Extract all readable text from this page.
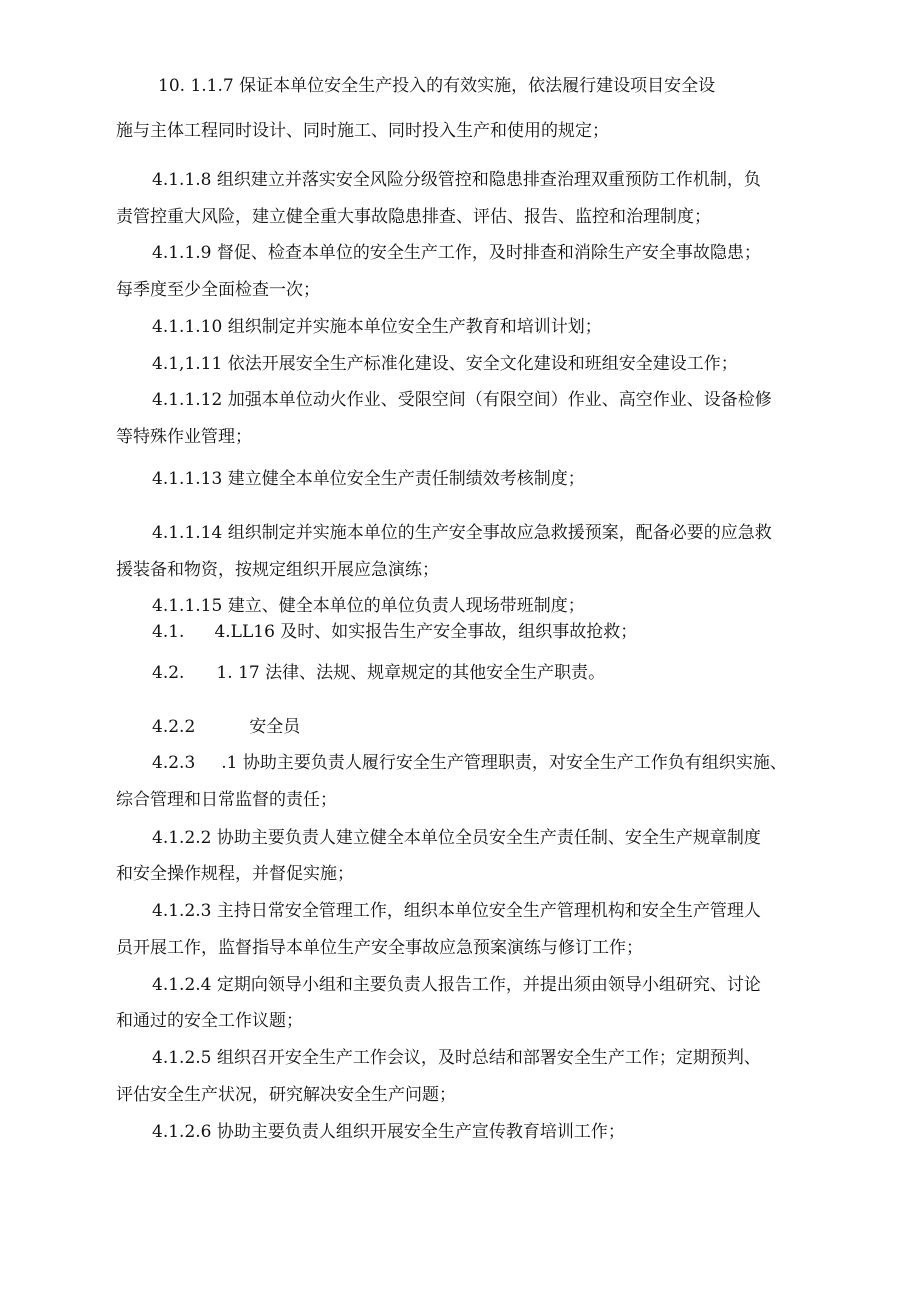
10. 1.1.7 保证本单位安全生产投入的有效实施，依法履行建设项目安全设
施与主体工程同时设计、同时施工、同时投入生产和使用的规定；
4.1.1.8 组织建立并落实安全风险分级管控和隐患排查治理双重预防工作机制，负
责管控重大风险，建立健全重大事故隐患排查、评估、报告、监控和治理制度；
4.1.1.9 督促、检查本单位的安全生产工作，及时排查和消除生产安全事故隐患；
每季度至少全面检查一次；
4.1.1.10 组织制定并实施本单位安全生产教育和培训计划；
4.1,1.11 依法开展安全生产标准化建设、安全文化建设和班组安全建设工作；
4.1.1.12 加强本单位动火作业、受限空间（有限空间）作业、高空作业、设备检修
等特殊作业管理；
4.1.1.13 建立健全本单位安全生产责任制绩效考核制度；
4.1.1.14 组织制定并实施本单位的生产安全事故应急救援预案，配备必要的应急救
援装备和物资，按规定组织开展应急演练；
4.1.1.15 建立、健全本单位的单位负责人现场带班制度；
4.1. 4.LL16 及时、如实报告生产安全事故，组织事故抢救；
4.2. 1. 17 法律、法规、规章规定的其他安全生产职责。
4.2.2	安全员
4.2.3 .1 协助主要负责人履行安全生产管理职责，对安全生产工作负有组织实施、
综合管理和日常监督的责任；
4.1.2.2 协助主要负责人建立健全本单位全员安全生产责任制、安全生产规章制度
和安全操作规程，并督促实施；
4.1.2.3 主持日常安全管理工作，组织本单位安全生产管理机构和安全生产管理人
员开展工作，监督指导本单位生产安全事故应急预案演练与修订工作；
4.1.2.4 定期向领导小组和主要负责人报告工作，并提出须由领导小组研究、讨论
和通过的安全工作议题；
4.1.2.5 组织召开安全生产工作会议，及时总结和部署安全生产工作；定期预判、
评估安全生产状况，研究解决安全生产问题；
4.1.2.6 协助主要负责人组织开展安全生产宣传教育培训工作；
